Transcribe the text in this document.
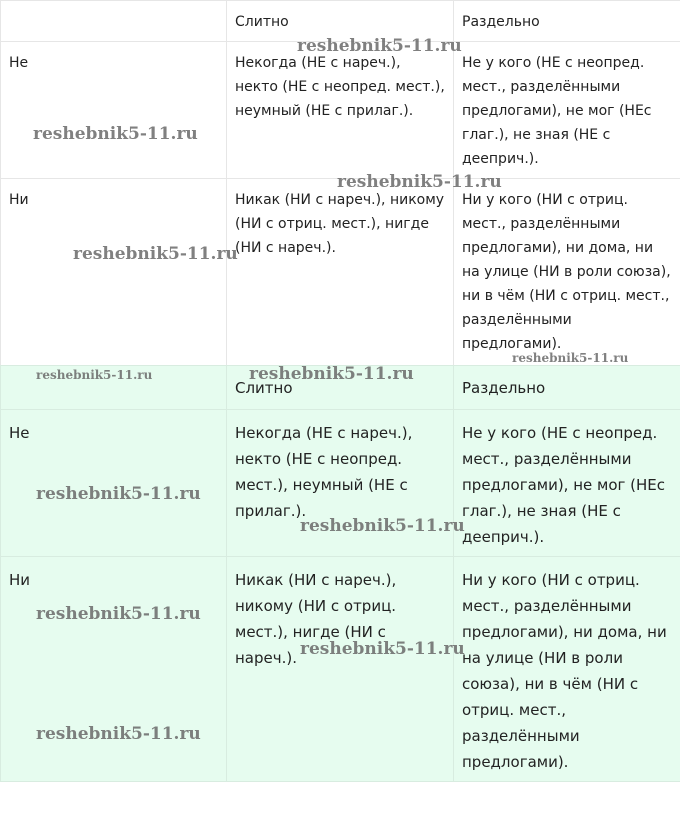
	Слитно	Раздельно
Не	Некогда (НЕ с нареч.), некто (НЕ с неопред. мест.), неумный (НЕ с прилаг.).	Не у кого (НЕ с неопред. мест., разделёнными предлогами), не мог (НЕс глаг.), не зная (НЕ с дееприч.).
Ни	Никак (НИ с нареч.), никому (НИ с отриц. мест.), нигде (НИ с нареч.).	Ни у кого (НИ с отриц. мест., разделёнными предлогами), ни дома, ни на улице (НИ в роли союза), ни в чём (НИ с отриц. мест., разделёнными предлогами).
	Слитно	Раздельно
Не	Некогда (НЕ с нареч.), некто (НЕ с неопред. мест.), неумный (НЕ с прилаг.).	Не у кого (НЕ с неопред. мест., разделёнными предлогами), не мог (НЕс глаг.), не зная (НЕ с дееприч.).
Ни	Никак (НИ с нареч.), никому (НИ с отриц. мест.), нигде (НИ с нареч.).	Ни у кого (НИ с отриц. мест., разделёнными предлогами), ни дома, ни на улице (НИ в роли союза), ни в чём (НИ с отриц. мест., разделёнными предлогами).
reshebnik5-11.ru
reshebnik5-11.ru
reshebnik5-11.ru
reshebnik5-11.ru
reshebnik5-11.ru
reshebnik5-11.ru	reshebnik5-11.ru
reshebnik5-11.ru
reshebnik5-11.ru
reshebnik5-11.ru
reshebnik5-11.ru
reshebnik5-11.ru
